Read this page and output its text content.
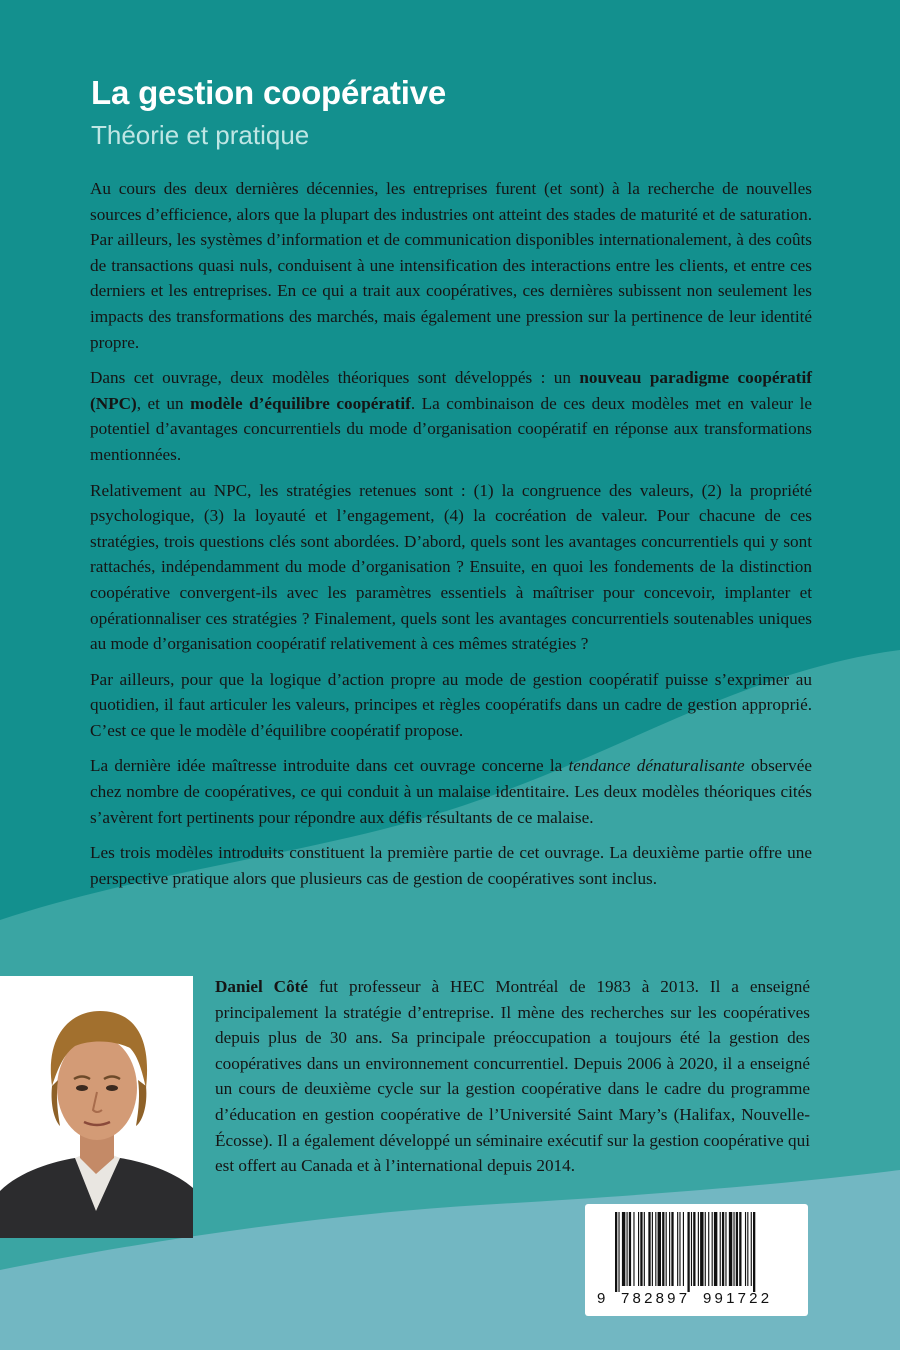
La gestion coopérative
Théorie et pratique

Au cours des deux dernières décennies, les entreprises furent (et sont) à la recherche de nouvelles sources d’efficience, alors que la plupart des industries ont atteint des stades de maturité et de saturation. Par ailleurs, les systèmes d’information et de communication disponibles internationalement, à des coûts de transactions quasi nuls, conduisent à une intensification des interactions entre les clients, et entre ces derniers et les entreprises. En ce qui a trait aux coopératives, ces dernières subissent non seulement les impacts des transformations des marchés, mais également une pression sur la pertinence de leur identité propre.

Dans cet ouvrage, deux modèles théoriques sont développés : un nouveau paradigme coopératif (NPC), et un modèle d’équilibre coopératif. La combinaison de ces deux modèles met en valeur le potentiel d’avantages concurrentiels du mode d’organisation coopératif en réponse aux transformations mentionnées.

Relativement au NPC, les stratégies retenues sont : (1) la congruence des valeurs, (2) la propriété psychologique, (3) la loyauté et l’engagement, (4) la cocréation de valeur. Pour chacune de ces stratégies, trois questions clés sont abordées. D’abord, quels sont les avantages concurrentiels qui y sont rattachés, indépendamment du mode d’organisation ? Ensuite, en quoi les fondements de la distinction coopérative convergent-ils avec les paramètres essentiels à maîtriser pour concevoir, implanter et opérationnaliser ces stratégies ? Finalement, quels sont les avantages concurrentiels soutenables uniques au mode d’organisation coopératif relativement à ces mêmes stratégies ?

Par ailleurs, pour que la logique d’action propre au mode de gestion coopératif puisse s’exprimer au quotidien, il faut articuler les valeurs, principes et règles coopératifs dans un cadre de gestion approprié. C’est ce que le modèle d’équilibre coopératif propose.

La dernière idée maîtresse introduite dans cet ouvrage concerne la tendance dénaturalisante observée chez nombre de coopératives, ce qui conduit à un malaise identitaire. Les deux modèles théoriques cités s’avèrent fort pertinents pour répondre aux défis résultants de ce malaise.

Les trois modèles introduits constituent la première partie de cet ouvrage. La deuxième partie offre une perspective pratique alors que plusieurs cas de gestion de coopératives sont inclus.

Daniel Côté fut professeur à HEC Montréal de 1983 à 2013. Il a enseigné principalement la stratégie d’entreprise. Il mène des recherches sur les coopératives depuis plus de 30 ans. Sa principale préoccupation a toujours été la gestion des coopératives dans un environnement concurrentiel. Depuis 2006 à 2020, il a enseigné un cours de deuxième cycle sur la gestion coopérative dans le cadre du programme d’éducation en gestion coopérative de l’Université Saint Mary’s (Halifax, Nouvelle-Écosse). Il a également développé un séminaire exécutif sur la gestion coopérative qui est offert au Canada et à l’international depuis 2014.
9 782897 991722
